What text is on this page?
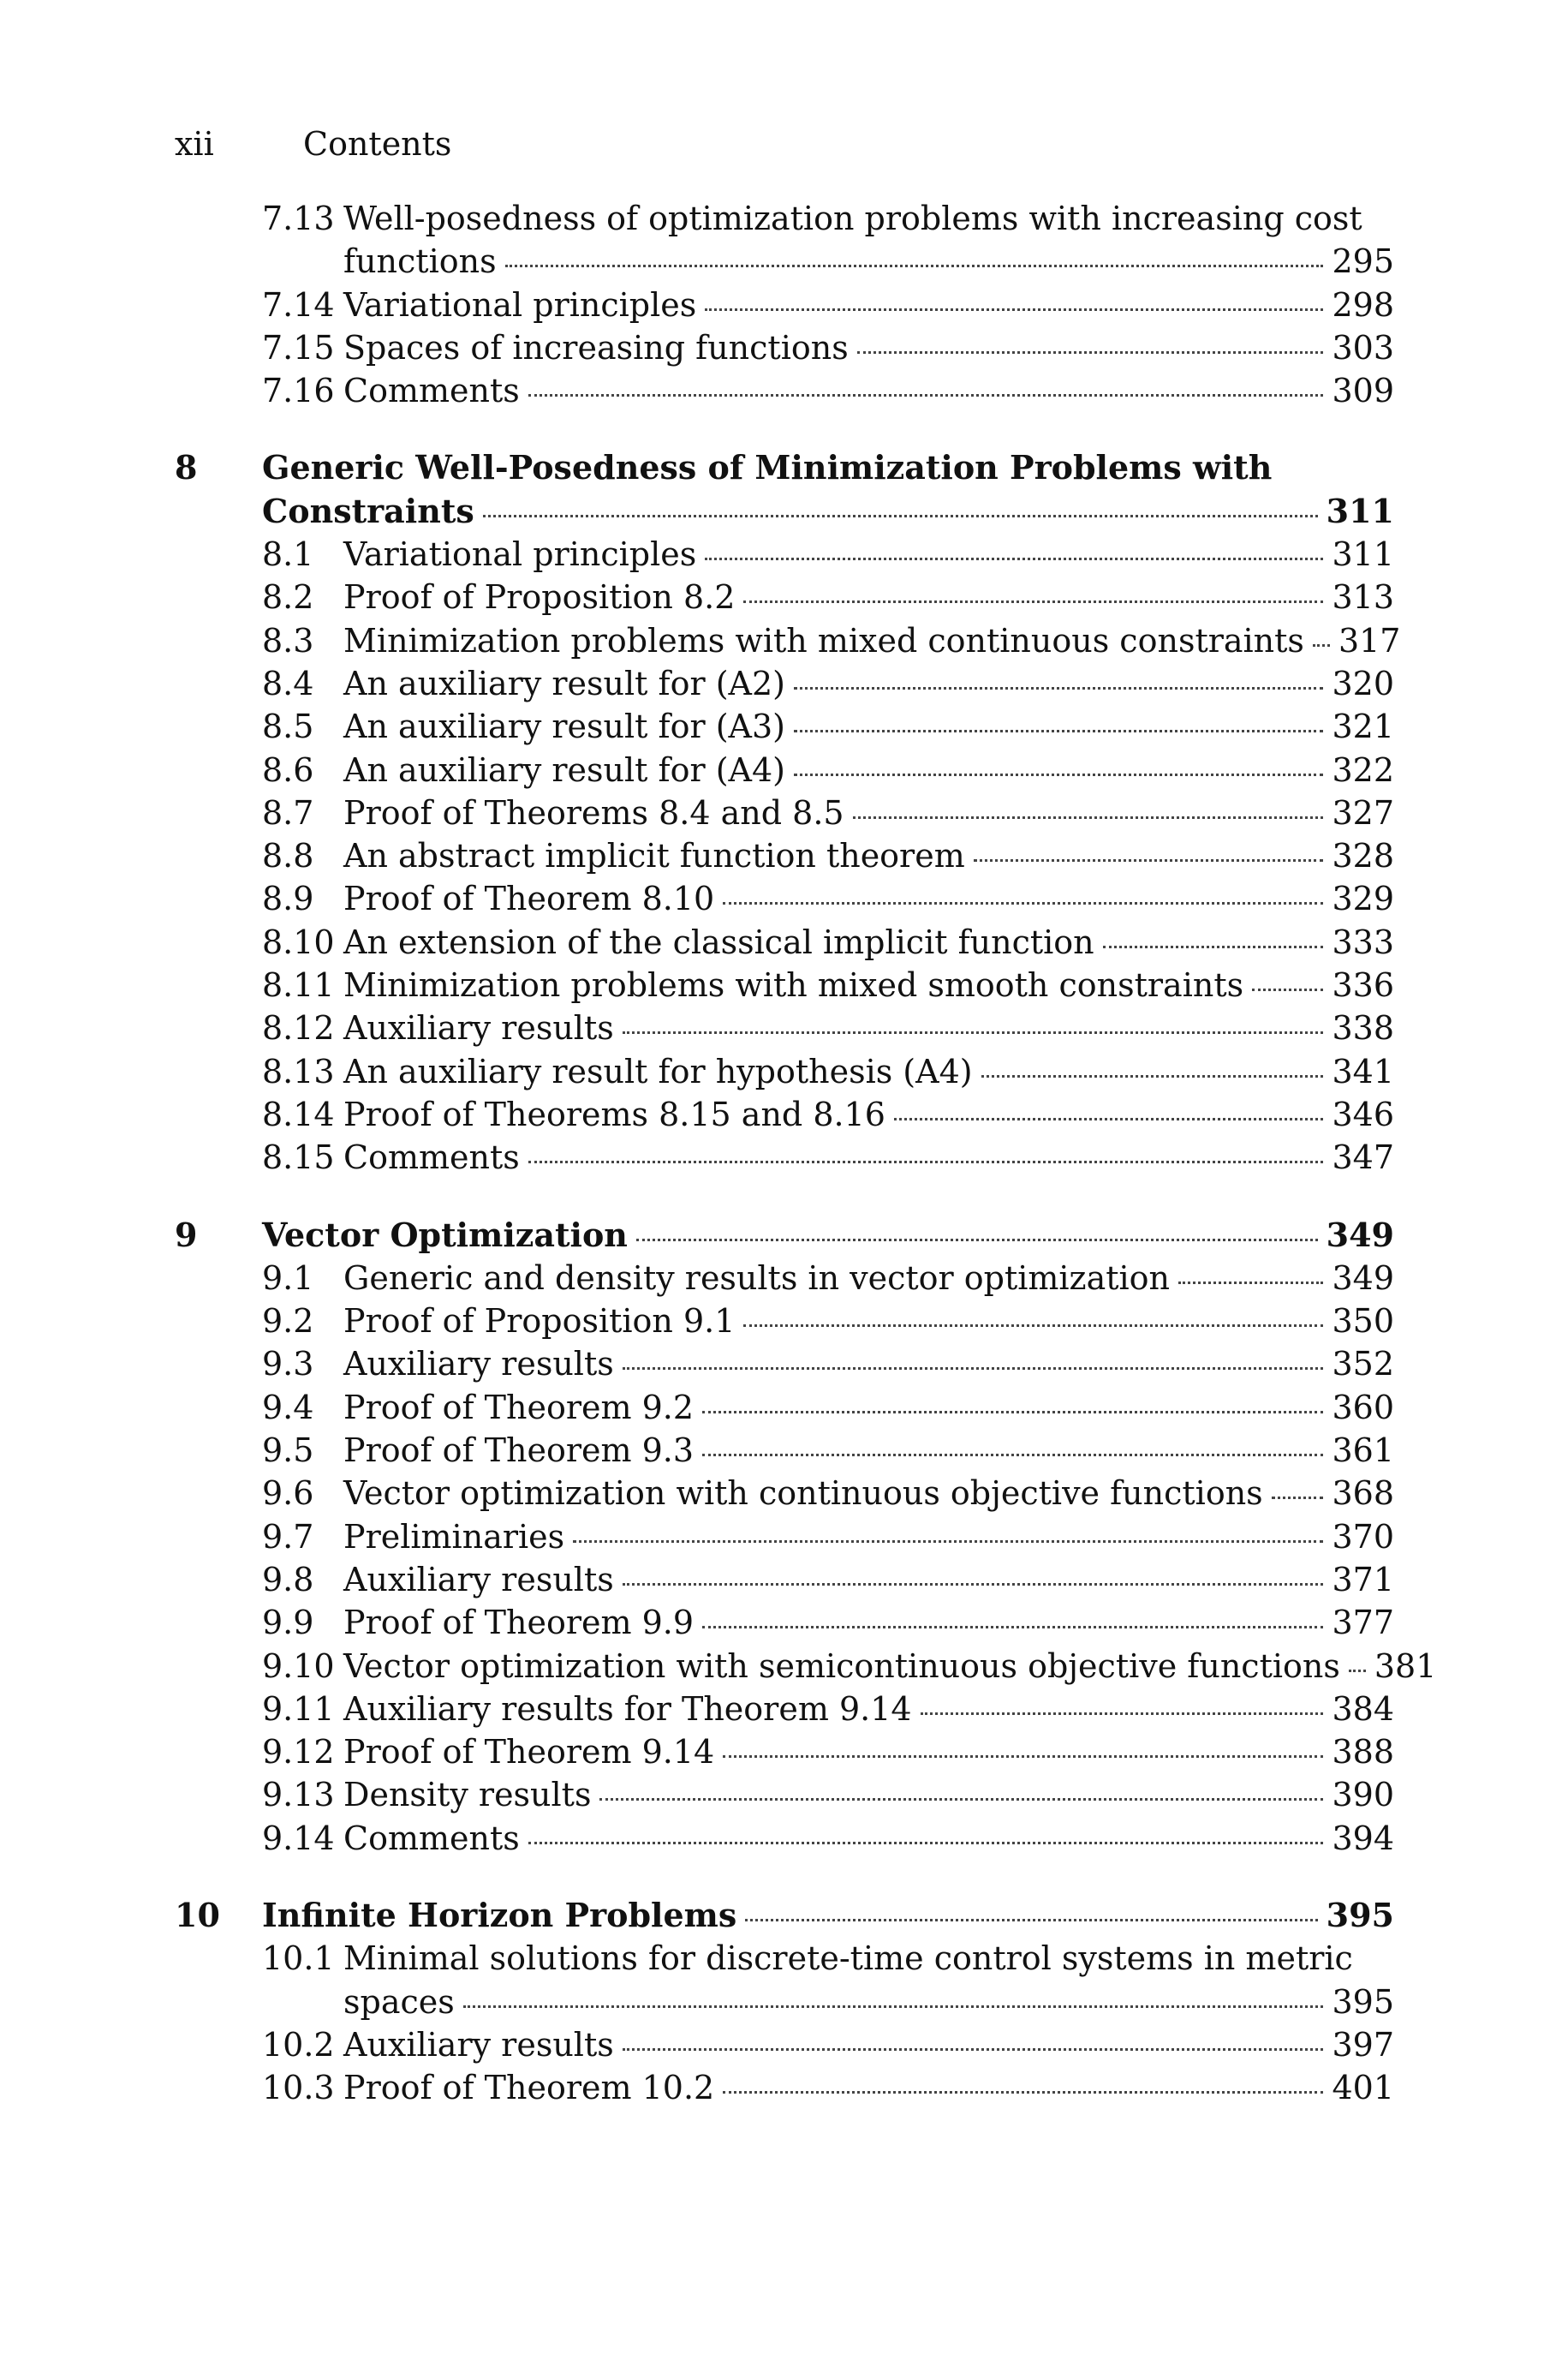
xii	Contents
7.13 Well-posedness of optimization problems with increasing cost
functions	295
7.14 Variational principles	298
7.15 Spaces of increasing functions	303
7.16 Comments	309
8 Generic Well-Posedness of Minimization Problems with
Constraints	311
8.1 Variational principles	311
8.2 Proof of Proposition 8.2	313
8.3 Minimization problems with mixed continuous constraints 317
8.4 An auxiliary result for (A2)	320
8.5 An auxiliary result for (A3)	321
8.6 An auxiliary result for (A4)	322
8.7 Proof of Theorems 8.4 and 8.5	327
8.8 An abstract implicit function theorem	328
8.9 Proof of Theorem 8.10	329
8.10 An extension of the classical implicit function	333
8.11 Minimization problems with mixed smooth constraints	336
8.12 Auxiliary results	338
8.13 An auxiliary result for hypothesis (A4)	341
8.14 Proof of Theorems 8.15 and 8.16	346
8.15 Comments	347
9 Vector Optimization	349
9.1 Generic and density results in vector optimization	349
9.2 Proof of Proposition 9.1	350
9.3 Auxiliary results	352
9.4 Proof of Theorem 9.2	360
9.5 Proof of Theorem 9.3	361
9.6 Vector optimization with continuous objective functions 368
9.7 Preliminaries	370
9.8 Auxiliary results	371
9.9 Proof of Theorem 9.9	377
9.10 Vector optimization with semicontinuous objective functions 381
9.11 Auxiliary results for Theorem 9.14	384
9.12 Proof of Theorem 9.14	388
9.13 Density results	390
9.14 Comments	394
10 Infinite Horizon Problems	395
10.1 Minimal solutions for discrete-time control systems in metric
spaces	395
10.2 Auxiliary results	397
10.3 Proof of Theorem 10.2	401
